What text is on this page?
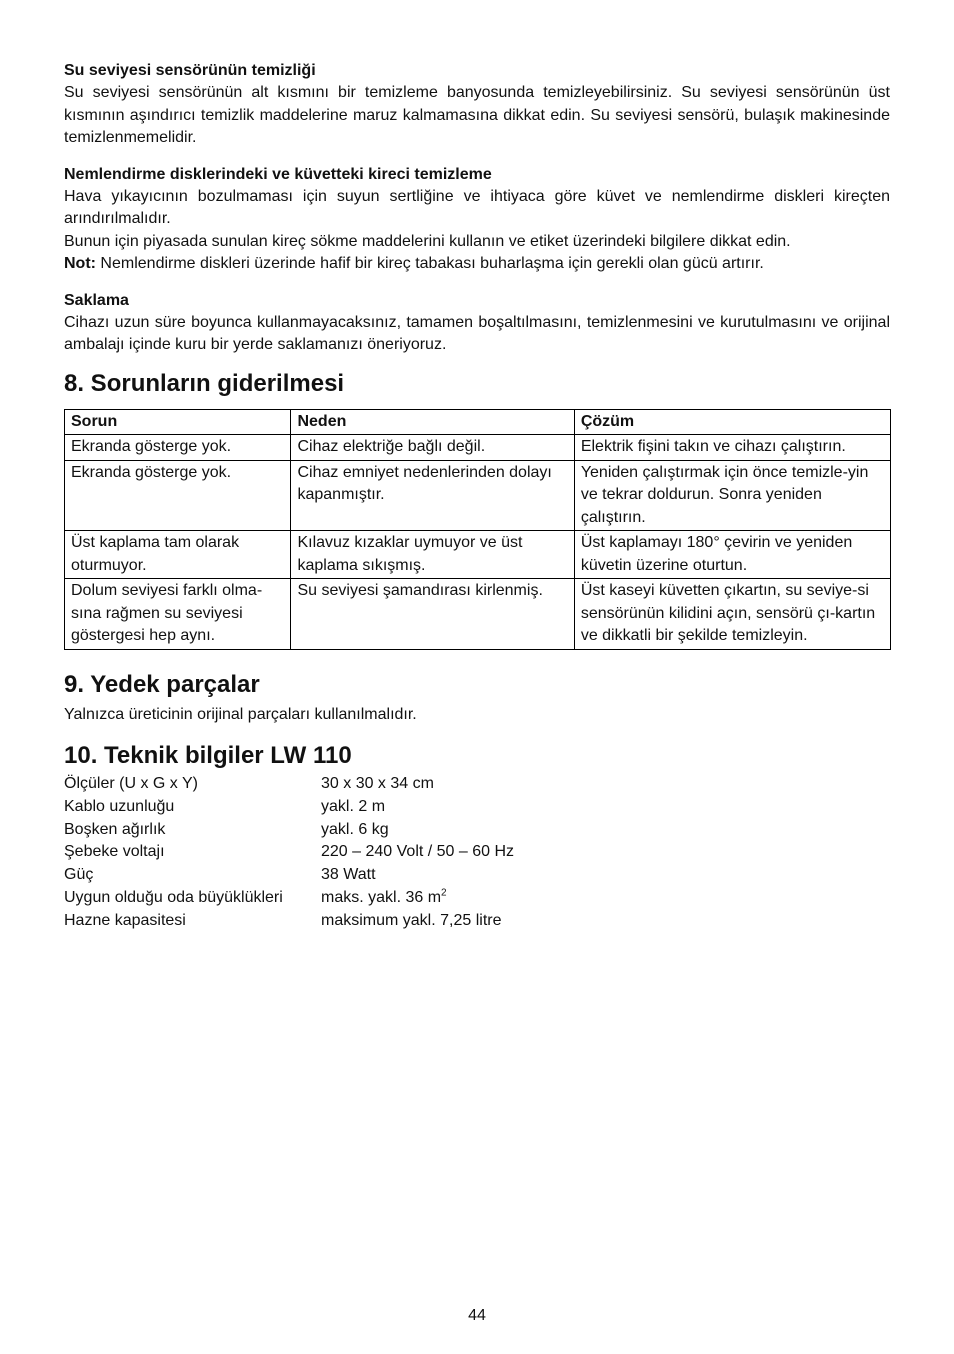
Su seviyesi sensörünün temizliği

Su seviyesi sensörünün alt kısmını bir temizleme banyosunda temizleyebilirsiniz. Su seviyesi sensörünün üst kısmının aşındırıcı temizlik maddelerine maruz kalmamasına dikkat edin. Su seviyesi sensörü, bulaşık makinesinde temizlenmemelidir.

Nemlendirme disklerindeki ve küvetteki kireci temizleme

Hava yıkayıcının bozulmaması için suyun sertliğine ve ihtiyaca göre küvet ve nemlendirme diskleri kireçten arındırılmalıdır.

Bunun için piyasada sunulan kireç sökme maddelerini kullanın ve etiket üzerindeki bilgilere dikkat edin.

Not: Nemlendirme diskleri üzerinde hafif bir kireç tabakası buharlaşma için gerekli olan gücü artırır.

Saklama

Cihazı uzun süre boyunca kullanmayacaksınız, tamamen boşaltılmasını, temizlenmesini ve kurutulmasını ve orijinal ambalajı içinde kuru bir yerde saklamanızı öneriyoruz.

8. Sorunların giderilmesi
Sorun	Neden	Çözüm
Ekranda gösterge yok.	Cihaz elektriğe bağlı değil.	Elektrik fişini takın ve cihazı çalıştırın.
Ekranda gösterge yok.	Cihaz emniyet nedenlerinden dolayı kapanmıştır.	Yeniden çalıştırmak için önce temizle-yin ve tekrar doldurun. Sonra yeniden çalıştırın.
Üst kaplama tam olarak oturmuyor.	Kılavuz kızaklar uymuyor ve üst kaplama sıkışmış.	Üst kaplamayı 180° çevirin ve yeniden küvetin üzerine oturtun.
Dolum seviyesi farklı olma-sına rağmen su seviyesi göstergesi hep aynı.	Su seviyesi şamandırası kirlenmiş.	Üst kaseyi küvetten çıkartın, su seviye-si sensörünün kilidini açın, sensörü çı-kartın ve dikkatli bir şekilde temizleyin.
9. Yedek parçalar

Yalnızca üreticinin orijinal parçaları kullanılmalıdır.

10. Teknik bilgiler LW 110
Ölçüler (U x G x Y)	30 x 30 x 34 cm
Kablo uzunluğu	yakl. 2 m
Boşken ağırlık	yakl. 6 kg
Şebeke voltajı	220 – 240 Volt / 50 – 60 Hz
Güç	38 Watt
Uygun olduğu oda büyüklükleri	maks. yakl. 36 $m^2$
Hazne kapasitesi	maksimum yakl. 7,25 litre
44
